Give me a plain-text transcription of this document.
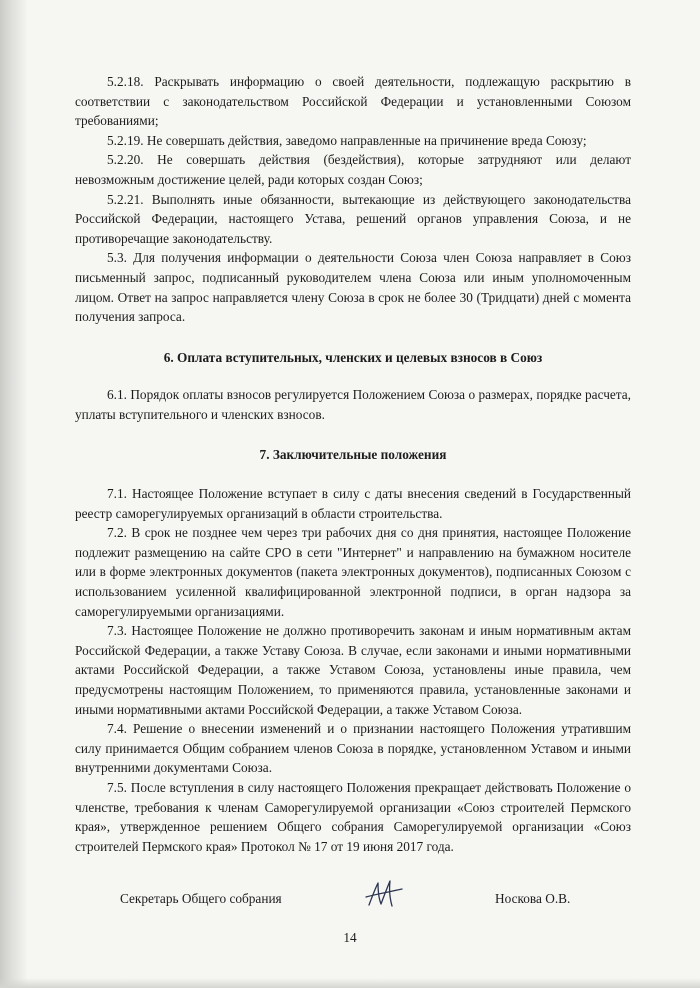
5.2.18. Раскрывать информацию о своей деятельности, подлежащую раскрытию в соответствии с законодательством Российской Федерации и установленными Союзом требованиями;

5.2.19. Не совершать действия, заведомо направленные на причинение вреда Союзу;

5.2.20. Не совершать действия (бездействия), которые затрудняют или делают невозможным достижение целей, ради которых создан Союз;

5.2.21. Выполнять иные обязанности, вытекающие из действующего законодательства Российской Федерации, настоящего Устава, решений органов управления Союза, и не противоречащие законодательству.

5.3. Для получения информации о деятельности Союза член Союза направляет в Союз письменный запрос, подписанный руководителем члена Союза или иным уполномоченным лицом. Ответ на запрос направляется члену Союза в срок не более 30 (Тридцати) дней с момента получения запроса.

6. Оплата вступительных, членских и целевых взносов в Союз

6.1. Порядок оплаты взносов регулируется Положением Союза о размерах, порядке расчета, уплаты вступительного и членских взносов.

7. Заключительные положения

7.1. Настоящее Положение вступает в силу с даты внесения сведений в Государственный реестр саморегулируемых организаций в области строительства.

7.2. В срок не позднее чем через три рабочих дня со дня принятия, настоящее Положение подлежит размещению на сайте СРО в сети "Интернет" и направлению на бумажном носителе или в форме электронных документов (пакета электронных документов), подписанных Союзом с использованием усиленной квалифицированной электронной подписи, в орган надзора за саморегулируемыми организациями.

7.3. Настоящее Положение не должно противоречить законам и иным нормативным актам Российской Федерации, а также Уставу Союза. В случае, если законами и иными нормативными актами Российской Федерации, а также Уставом Союза, установлены иные правила, чем предусмотрены настоящим Положением, то применяются правила, установленные законами и иными нормативными актами Российской Федерации, а также Уставом Союза.

7.4. Решение о внесении изменений и о признании настоящего Положения утратившим силу принимается Общим собранием членов Союза в порядке, установленном Уставом и иными внутренними документами Союза.

7.5. После вступления в силу настоящего Положения прекращает действовать Положение о членстве, требования к членам Саморегулируемой организации «Союз строителей Пермского края», утвержденное решением Общего собрания Саморегулируемой организации «Союз строителей Пермского края» Протокол № 17 от 19 июня 2017 года.

Секретарь Общего собрания	Носкова О.В.
14
